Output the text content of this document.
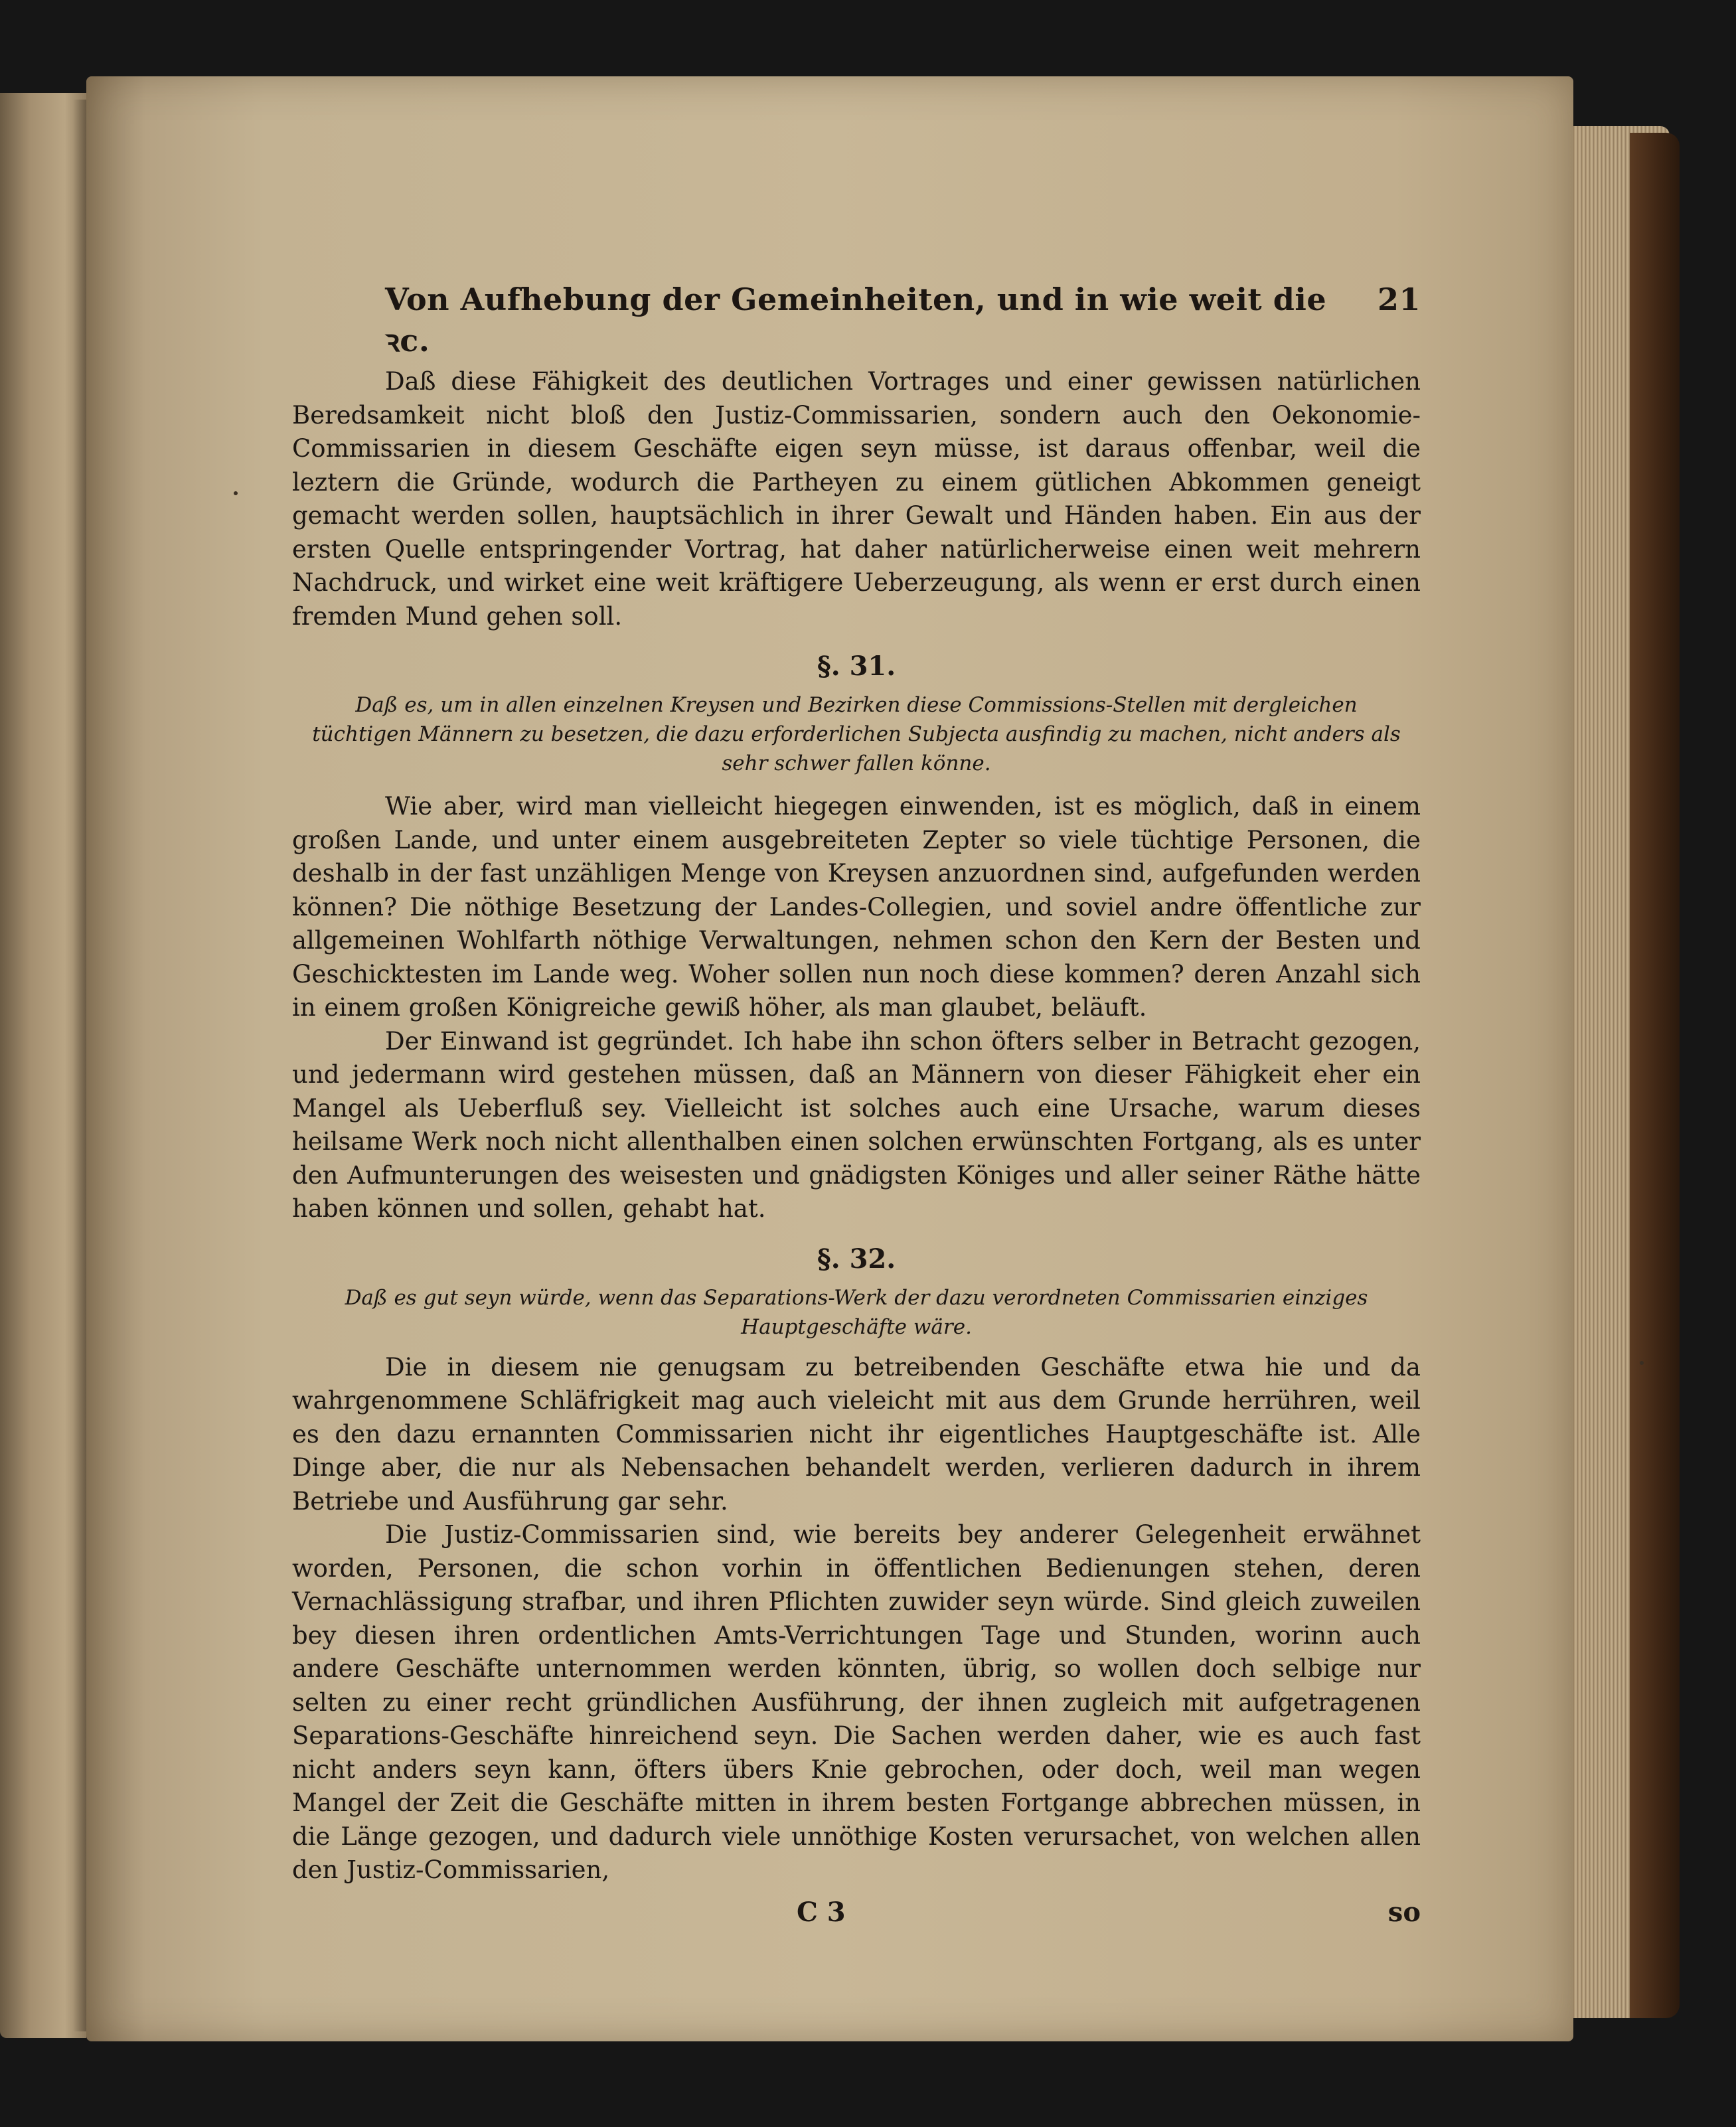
Von Aufhebung der Gemeinheiten, und in wie weit die ꝛc.
21

Daß diese Fähigkeit des deutlichen Vortrages und einer gewissen natürlichen Beredsamkeit nicht bloß den Justiz-Commissarien, sondern auch den Oekonomie-Commissarien in diesem Geschäfte eigen seyn müsse, ist daraus offenbar, weil die leztern die Gründe, wodurch die Partheyen zu einem gütlichen Abkommen geneigt gemacht werden sollen, hauptsächlich in ihrer Gewalt und Händen haben. Ein aus der ersten Quelle entspringender Vortrag, hat daher natürlicherweise einen weit mehrern Nachdruck, und wirket eine weit kräftigere Ueberzeugung, als wenn er erst durch einen fremden Mund gehen soll.

§. 31.
Daß es, um in allen einzelnen Kreysen und Bezirken diese Commissions-Stellen mit dergleichen tüchtigen Männern zu besetzen, die dazu erforderlichen Subjecta ausfindig zu machen, nicht anders als sehr schwer fallen könne.

Wie aber, wird man vielleicht hiegegen einwenden, ist es möglich, daß in einem großen Lande, und unter einem ausgebreiteten Zepter so viele tüchtige Personen, die deshalb in der fast unzähligen Menge von Kreysen anzuordnen sind, aufgefunden werden können? Die nöthige Besetzung der Landes-Collegien, und soviel andre öffentliche zur allgemeinen Wohlfarth nöthige Verwaltungen, nehmen schon den Kern der Besten und Geschicktesten im Lande weg. Woher sollen nun noch diese kommen? deren Anzahl sich in einem großen Königreiche gewiß höher, als man glaubet, beläuft.

Der Einwand ist gegründet. Ich habe ihn schon öfters selber in Betracht gezogen, und jedermann wird gestehen müssen, daß an Männern von dieser Fähigkeit eher ein Mangel als Ueberfluß sey. Vielleicht ist solches auch eine Ursache, warum dieses heilsame Werk noch nicht allenthalben einen solchen erwünschten Fortgang, als es unter den Aufmunterungen des weisesten und gnädigsten Königes und aller seiner Räthe hätte haben können und sollen, gehabt hat.

§. 32.
Daß es gut seyn würde, wenn das Separations-Werk der dazu verordneten Commissarien einziges Hauptgeschäfte wäre.

Die in diesem nie genugsam zu betreibenden Geschäfte etwa hie und da wahrgenommene Schläfrigkeit mag auch vieleicht mit aus dem Grunde herrühren, weil es den dazu ernannten Commissarien nicht ihr eigentliches Hauptgeschäfte ist. Alle Dinge aber, die nur als Nebensachen behandelt werden, verlieren dadurch in ihrem Betriebe und Ausführung gar sehr.

Die Justiz-Commissarien sind, wie bereits bey anderer Gelegenheit erwähnet worden, Personen, die schon vorhin in öffentlichen Bedienungen stehen, deren Vernachlässigung strafbar, und ihren Pflichten zuwider seyn würde. Sind gleich zuweilen bey diesen ihren ordentlichen Amts-Verrichtungen Tage und Stunden, worinn auch andere Geschäfte unternommen werden könnten, übrig, so wollen doch selbige nur selten zu einer recht gründlichen Ausführung, der ihnen zugleich mit aufgetragenen Separations-Geschäfte hinreichend seyn. Die Sachen werden daher, wie es auch fast nicht anders seyn kann, öfters übers Knie gebrochen, oder doch, weil man wegen Mangel der Zeit die Geschäfte mitten in ihrem besten Fortgange abbrechen müssen, in die Länge gezogen, und dadurch viele unnöthige Kosten verursachet, von welchen allen den Justiz-Commissarien,

C 3	so
